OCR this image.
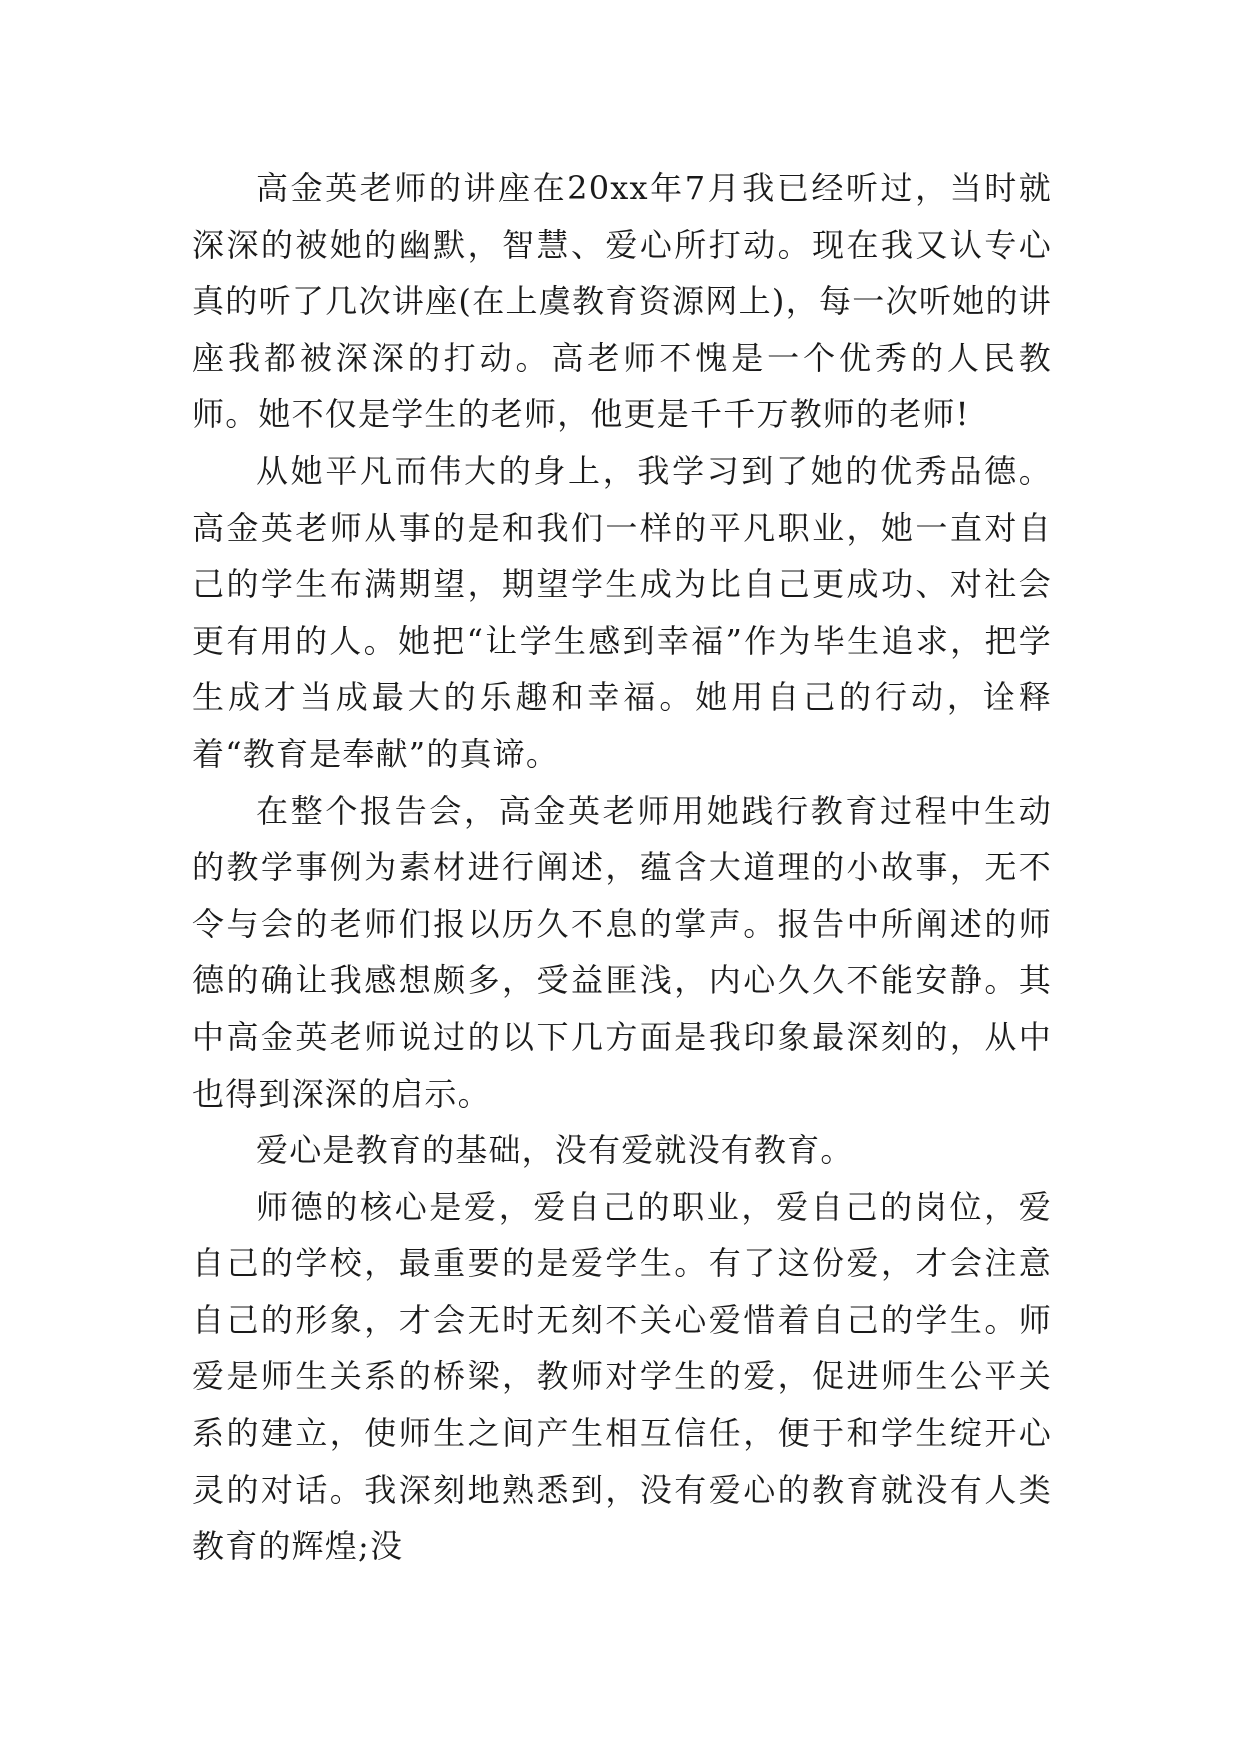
高金英老师的讲座在20xx年7月我已经听过，当时就深深的被她的幽默，智慧、爱心所打动。现在我又认专心真的听了几次讲座(在上虞教育资源网上)，每一次听她的讲座我都被深深的打动。高老师不愧是一个优秀的人民教师。她不仅是学生的老师，他更是千千万教师的老师!

从她平凡而伟大的身上，我学习到了她的优秀品德。高金英老师从事的是和我们一样的平凡职业，她一直对自己的学生布满期望，期望学生成为比自己更成功、对社会更有用的人。她把“让学生感到幸福”作为毕生追求，把学生成才当成最大的乐趣和幸福。她用自己的行动，诠释着“教育是奉献”的真谛。

在整个报告会，高金英老师用她践行教育过程中生动的教学事例为素材进行阐述，蕴含大道理的小故事，无不令与会的老师们报以历久不息的掌声。报告中所阐述的师德的确让我感想颇多，受益匪浅，内心久久不能安静。其中高金英老师说过的以下几方面是我印象最深刻的，从中也得到深深的启示。

爱心是教育的基础，没有爱就没有教育。

师德的核心是爱，爱自己的职业，爱自己的岗位，爱自己的学校，最重要的是爱学生。有了这份爱，才会注意自己的形象，才会无时无刻不关心爱惜着自己的学生。师爱是师生关系的桥梁，教师对学生的爱，促进师生公平关系的建立，使师生之间产生相互信任，便于和学生绽开心灵的对话。我深刻地熟悉到，没有爱心的教育就没有人类教育的辉煌;没
